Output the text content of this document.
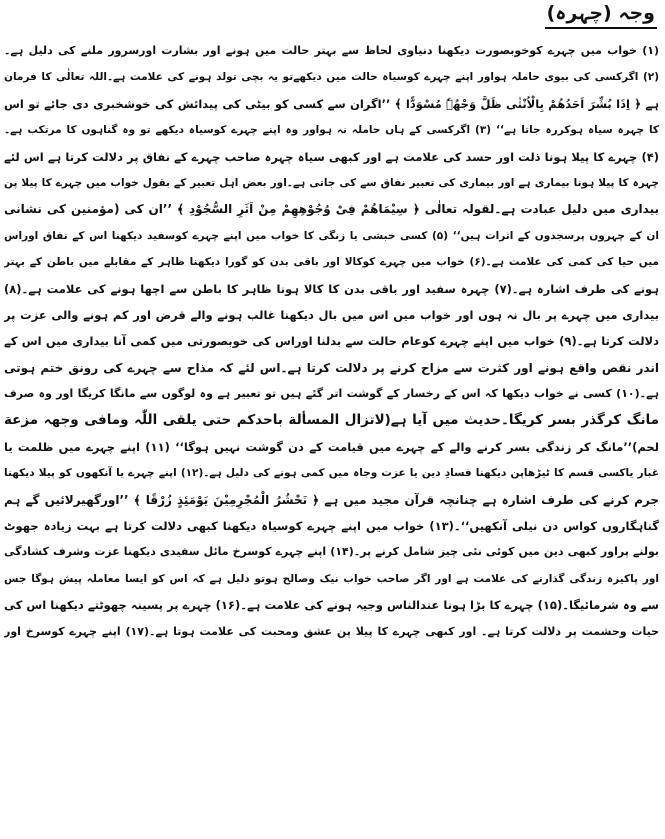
وجہ (چہرہ)
(۱) خواب میں چہرے کوخوبصورت دیکھنا دنیاوی لحاظ سے بہتر حالت میں ہونے اور بشارت اورسرور ملنے کی دلیل ہے۔
(۲) اگرکسی کی بیوی حاملہ ہواور اپنے چہرے کوسیاہ حالت میں دیکھےتو یہ بچی تولد ہونے کی علامت ہے۔اللہ تعالٰی کا فرمان
ہے ﴿ اِذَا بُشِّرَ اَحَدُھُمْ بِالْاُنْثٰی ظَلَّ وَجْھُہٗ مُسْوَدًّا ﴾ ’’اگران سے کسی کو بیٹی کی پیدائش کی خوشخبری دی جائے تو اس
کا چہرہ سیاہ ہوکررہ جاتا ہے‘‘ (۳) اگرکسی کے ہاں حاملہ نہ ہواور وہ اپنے چہرے کوسیاہ دیکھے تو وہ گناہوں کا مرتکب ہے۔
(۴) چہرے کا پیلا ہونا ذلت اور حسد کی علامت ہے اور کبھی سیاہ چہرہ صاحب چہرے کے نفاق پر دلالت کرتا ہے اس لئے
چہرہ کا پیلا ہونا بیماری ہے اور بیماری کی تعبیر نفاق سے کی جاتی ہے۔اور بعض اہل تعبیر کے بقول خواب میں چہرے کا پیلا پن
بیداری میں دلیل عبادت ہے۔لقولہ تعالٰی ﴿ سِیْمَاھُمْ فِیْ وُجُوْھِھِمْ مِنْ اَثَرِ السُّجُوْدِ ﴾ ’’ان کی (مؤمنین کی نشانی
ان کے چہروں پرسجدوں کے اثرات ہیں‘‘ (۵) کسی حبشی یا زنگی کا خواب میں اپنے چہرے کوسفید دیکھنا اس کے نفاق اوراس
میں حیا کی کمی کی علامت ہے۔(۶) خواب میں چہرے کوکالا اور باقی بدن کو گورا دیکھنا ظاہر کے مقابلے میں باطن کے بہتر
ہونے کی طرف اشارہ ہے۔(۷) چہرہ سفید اور باقی بدن کا کالا ہونا ظاہر کا باطن سے اچھا ہونے کی علامت ہے۔(۸)
بیداری میں چہرے پر بال نہ ہوں اور خواب میں اس میں بال دیکھنا غالب ہونے والے قرض اور کم ہونے والی عزت پر
دلالت کرتا ہے۔(۹) خواب میں اپنے چہرے کوعام حالت سے بدلنا اوراس کی خوبصورتی میں کمی آنا بیداری میں اس کے
اندر نقص واقع ہونے اور کثرت سے مزاح کرنے پر دلالت کرتا ہے۔اس لئے کہ مذاح سے چہرے کی رونق ختم ہوتی
ہے۔(۱۰) کسی نے خواب دیکھا کہ اس کے رخسار کے گوشت اتر گئے ہیں تو تعبیر ہے وہ لوگوں سے مانگا کریگا اور وہ صرف
مانگ کرگذر بسر کریگا۔حدیث میں آیا ہے(لاتزال المسألة باحدکم حتی یلقی اللّٰہ ومافی وجھہ مزعة
لحم)’’مانگ کر زندگی بسر کرنے والے کے چہرے میں قیامت کے دن گوشت نہیں ہوگا‘‘ (۱۱) اپنے چہرے میں ظلمت یا
غبار یاکسی قسم کا ٹیڑھاپن دیکھنا فسادِ دین یا عزت وجاہ میں کمی ہونے کی دلیل ہے۔(۱۲) اپنے چہرے یا آنکھوں کو پیلا دیکھنا
جرم کرنے کی طرف اشارہ ہے چنانچہ قرآن مجید میں ہے ﴿ نَحْشُرُ الْمُجْرِمِیْنَ یَوْمَئِذٍ زُرْقًا ﴾ ’’اورگھیرلائیں گے ہم
گناہگاروں کواس دن نیلی آنکھیں‘‘۔(۱۳) خواب میں اپنے چہرے کوسیاہ دیکھنا کبھی دلالت کرتا ہے بہت زیادہ جھوٹ
بولنے پراور کبھی دین میں کوئی نئی چیز شامل کرنے پر۔(۱۴) اپنے چہرے کوسرخ مائل سفیدی دیکھنا عزت وشرف کشادگی
اور پاکیزہ زندگی گذارنے کی علامت ہے اور اگر صاحب خواب نیک وصالح ہوتو دلیل ہے کہ اس کو ایسا معاملہ پیش ہوگا جس
سے وہ شرمائیگا۔(۱۵) چہرے کا بڑا ہونا عندالناس وجیہ ہونے کی علامت ہے۔(۱۶) چہرے پر پسینہ چھوٹتے دیکھنا اس کی
حیات وحشمت پر دلالت کرتا ہے۔ اور کبھی چہرے کا پیلا پن عشق ومحبت کی علامت ہوتا ہے۔(۱۷) اپنے چہرے کوسرخ اور
